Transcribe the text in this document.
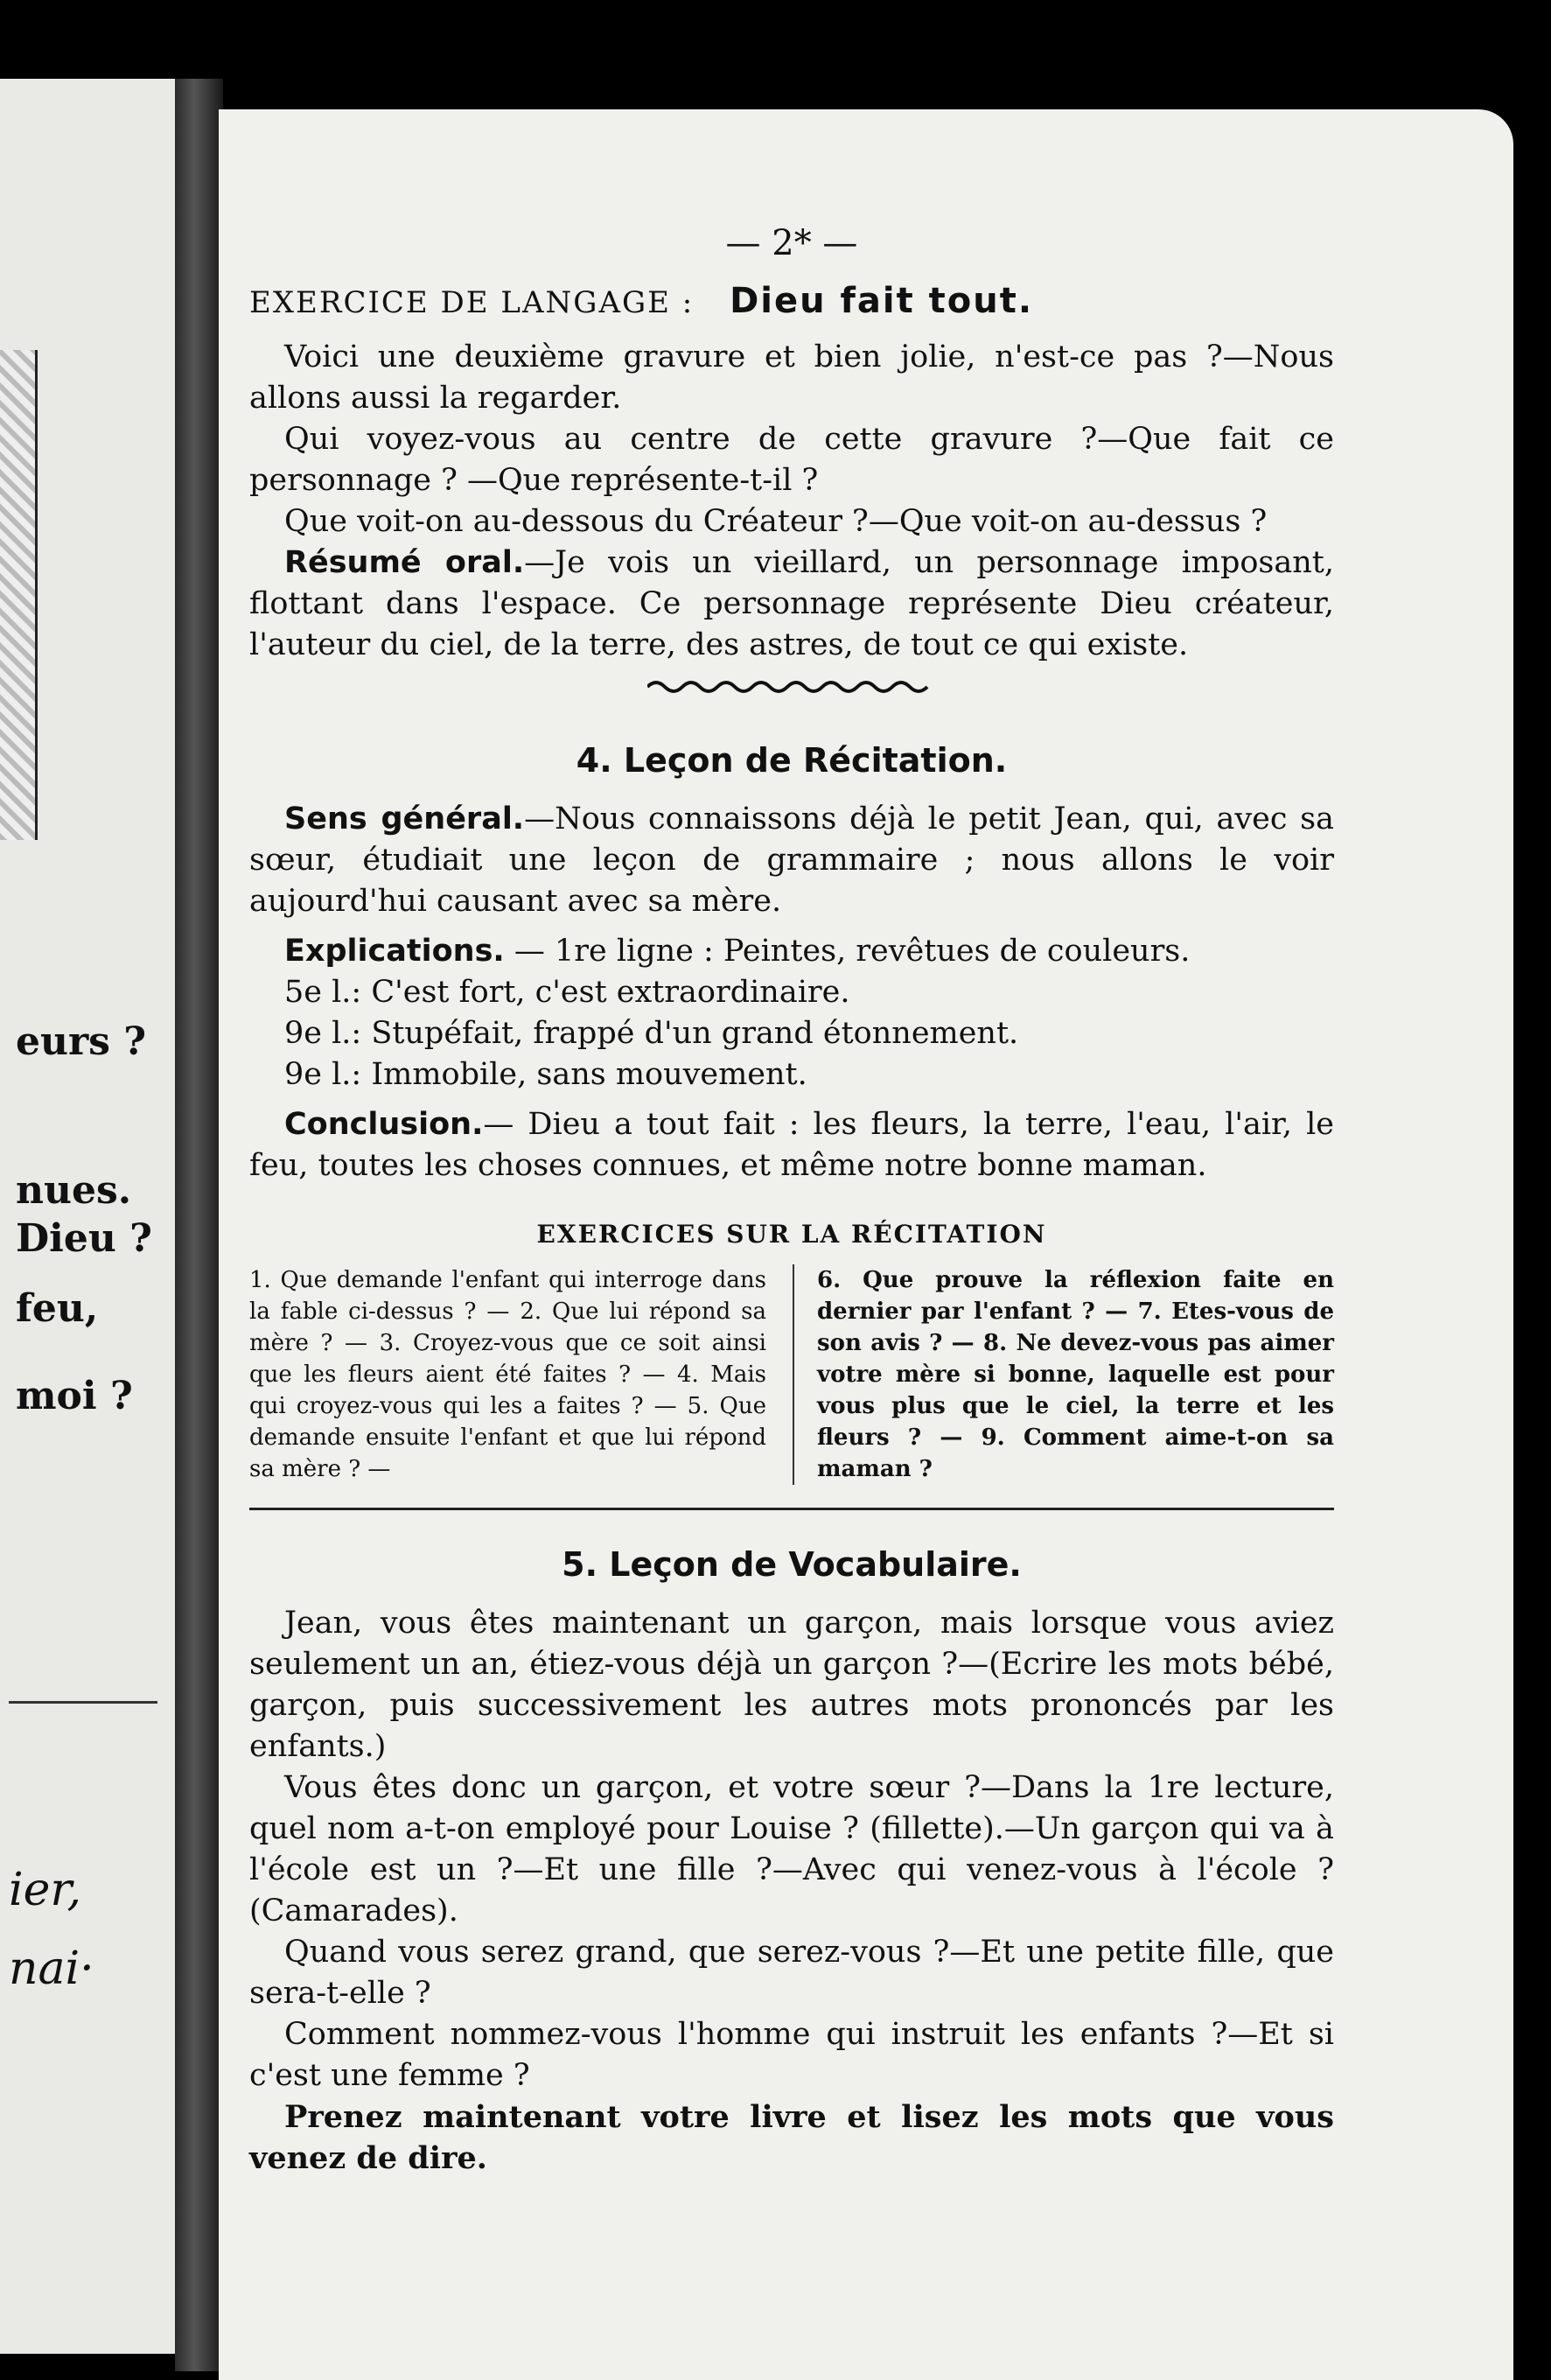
eurs ?
nues.
Dieu ?
feu,
moi ?
ier,
nai·
— 2* —
EXERCICE DE LANGAGE : Dieu fait tout.

Voici une deuxième gravure et bien jolie, n'est-ce pas ?—Nous allons aussi la regarder.

Qui voyez-vous au centre de cette gravure ?—Que fait ce personnage ? —Que représente-t-il ?

Que voit-on au-dessous du Créateur ?—Que voit-on au-dessus ?

Résumé oral.—Je vois un vieillard, un personnage imposant, flottant dans l'espace. Ce personnage représente Dieu créateur, l'auteur du ciel, de la terre, des astres, de tout ce qui existe.

4. Leçon de Récitation.

Sens général.—Nous connaissons déjà le petit Jean, qui, avec sa sœur, étudiait une leçon de grammaire ; nous allons le voir aujourd'hui causant avec sa mère.

Explications. — 1re ligne : Peintes, revêtues de couleurs.

5e l.: C'est fort, c'est extraordinaire.

9e l.: Stupéfait, frappé d'un grand étonnement.

9e l.: Immobile, sans mouvement.

Conclusion.— Dieu a tout fait : les fleurs, la terre, l'eau, l'air, le feu, toutes les choses connues, et même notre bonne maman.

EXERCICES SUR LA RÉCITATION
1. Que demande l'enfant qui interroge dans la fable ci-dessus ? — 2. Que lui répond sa mère ? — 3. Croyez-vous que ce soit ainsi que les fleurs aient été faites ? — 4. Mais qui croyez-vous qui les a faites ? — 5. Que demande ensuite l'enfant et que lui répond sa mère ? —
6. Que prouve la réflexion faite en dernier par l'enfant ? — 7. Etes-vous de son avis ? — 8. Ne devez-vous pas aimer votre mère si bonne, laquelle est pour vous plus que le ciel, la terre et les fleurs ? — 9. Comment aime-t-on sa maman ?
5. Leçon de Vocabulaire.

Jean, vous êtes maintenant un garçon, mais lorsque vous aviez seulement un an, étiez-vous déjà un garçon ?—(Ecrire les mots bébé, garçon, puis successivement les autres mots prononcés par les enfants.)

Vous êtes donc un garçon, et votre sœur ?—Dans la 1re lecture, quel nom a-t-on employé pour Louise ? (fillette).—Un garçon qui va à l'école est un ?—Et une fille ?—Avec qui venez-vous à l'école ? (Camarades).

Quand vous serez grand, que serez-vous ?—Et une petite fille, que sera-t-elle ?

Comment nommez-vous l'homme qui instruit les enfants ?—Et si c'est une femme ?

Prenez maintenant votre livre et lisez les mots que vous venez de dire.
